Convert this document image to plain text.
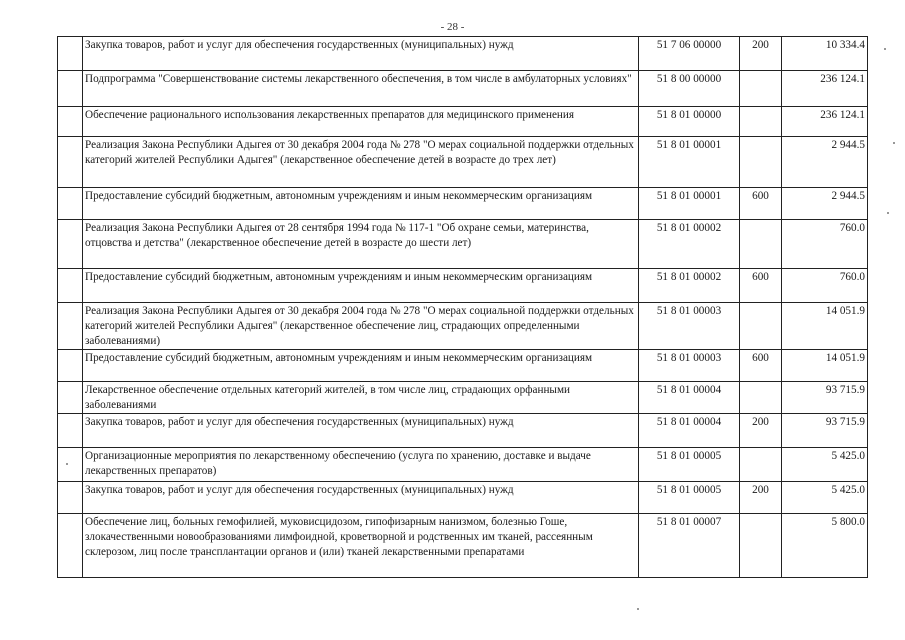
- 28 -
	Закупка товаров, работ и услуг для обеспечения государственных (муниципальных) нужд	51 7 06 00000	200	10 334.4
	Подпрограмма "Совершенствование системы лекарственного обеспечения, в том числе в амбулаторных условиях"	51 8 00 00000		236 124.1
	Обеспечение рационального использования лекарственных препаратов для медицинского применения	51 8 01 00000		236 124.1
	Реализация Закона Республики Адыгея от 30 декабря 2004 года № 278 "О мерах социальной поддержки отдельных категорий жителей Республики Адыгея" (лекарственное обеспечение детей в возрасте до трех лет)	51 8 01 00001		2 944.5
	Предоставление субсидий бюджетным, автономным учреждениям и иным некоммерческим организациям	51 8 01 00001	600	2 944.5
	Реализация Закона Республики Адыгея от 28 сентября 1994 года № 117-1 "Об охране семьи, материнства, отцовства и детства" (лекарственное обеспечение детей в возрасте до шести лет)	51 8 01 00002		760.0
	Предоставление субсидий бюджетным, автономным учреждениям и иным некоммерческим организациям	51 8 01 00002	600	760.0
	Реализация Закона Республики Адыгея от 30 декабря 2004 года № 278 "О мерах социальной поддержки отдельных категорий жителей Республики Адыгея" (лекарственное обеспечение лиц, страдающих определенными заболеваниями)	51 8 01 00003		14 051.9
	Предоставление субсидий бюджетным, автономным учреждениям и иным некоммерческим организациям	51 8 01 00003	600	14 051.9
	Лекарственное обеспечение отдельных категорий жителей, в том числе лиц, страдающих орфанными заболеваниями	51 8 01 00004		93 715.9
	Закупка товаров, работ и услуг для обеспечения государственных (муниципальных) нужд	51 8 01 00004	200	93 715.9
	Организационные мероприятия по лекарственному обеспечению (услуга по хранению, доставке и выдаче лекарственных препаратов)	51 8 01 00005		5 425.0
	Закупка товаров, работ и услуг для обеспечения государственных (муниципальных) нужд	51 8 01 00005	200	5 425.0
	Обеспечение лиц, больных гемофилией, муковисцидозом, гипофизарным нанизмом, болезнью Гоше, злокачественными новообразованиями лимфоидной, кроветворной и родственных им тканей, рассеянным склерозом, лиц после трансплантации органов и (или) тканей лекарственными препаратами	51 8 01 00007		5 800.0
